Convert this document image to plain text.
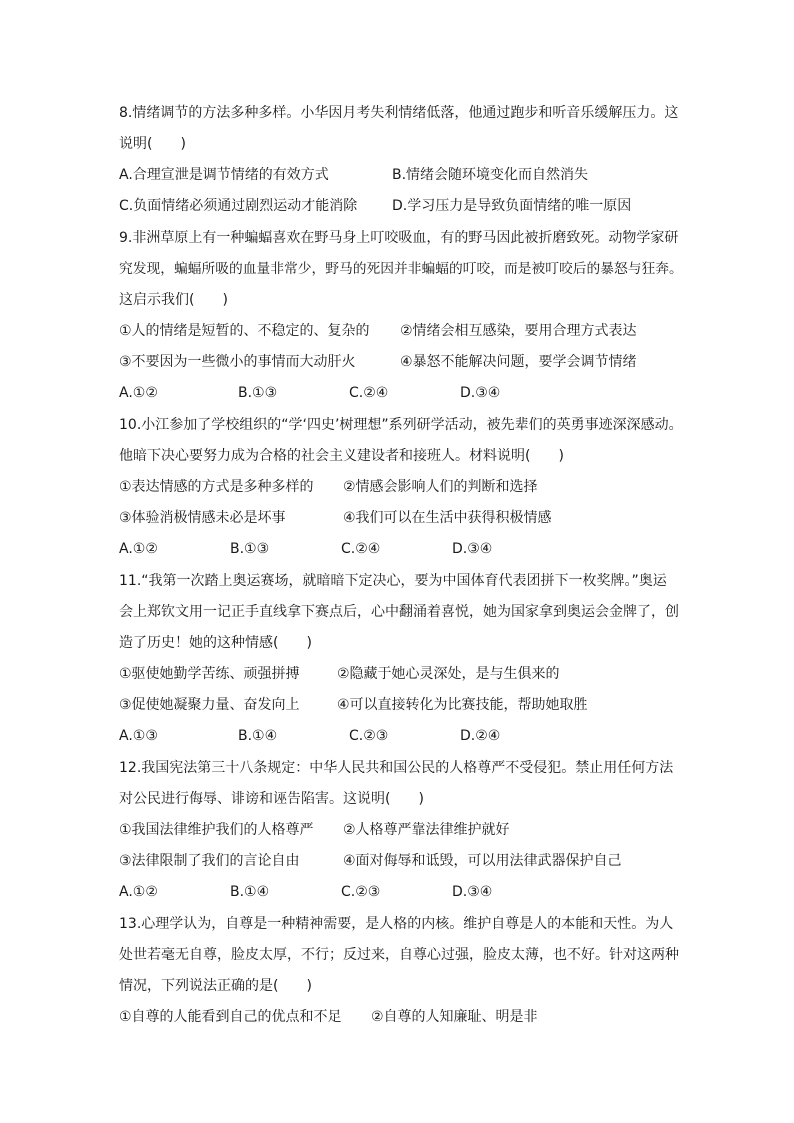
8.情绪调节的方法多种多样。小华因月考失利情绪低落，他通过跑步和听音乐缓解压力。这
说明(　　)
A.合理宣泄是调节情绪的有效方式	B.情绪会随环境变化而自然消失
C.负面情绪必须通过剧烈运动才能消除 D.学习压力是导致负面情绪的唯一原因
9.非洲草原上有一种蝙蝠喜欢在野马身上叮咬吸血，有的野马因此被折磨致死。动物学家研
究发现，蝙蝠所吸的血量非常少，野马的死因并非蝙蝠的叮咬，而是被叮咬后的暴怒与狂奔。
这启示我们(　　)
①人的情绪是短暂的、不稳定的、复杂的 ②情绪会相互感染，要用合理方式表达
③不要因为一些微小的事情而大动肝火	④暴怒不能解决问题，要学会调节情绪
A.①②	B.①③	C.②④	D.③④
10.小江参加了学校组织的“学‘四史’树理想”系列研学活动，被先辈们的英勇事迹深深感动。
他暗下决心要努力成为合格的社会主义建设者和接班人。材料说明(　　)
①表达情感的方式是多种多样的 ②情感会影响人们的判断和选择
③体验消极情感未必是坏事	④我们可以在生活中获得积极情感
A.①②	B.①③	C.②④	D.③④
11.“我第一次踏上奥运赛场，就暗暗下定决心，要为中国体育代表团拼下一枚奖牌。”奥运
会上郑钦文用一记正手直线拿下赛点后，心中翻涌着喜悦，她为国家拿到奥运会金牌了，创
造了历史！她的这种情感(　　)
①驱使她勤学苦练、顽强拼搏	②隐藏于她心灵深处，是与生俱来的
③促使她凝聚力量、奋发向上	④可以直接转化为比赛技能，帮助她取胜
A.①③	B.①④	C.②③	D.②④
12.我国宪法第三十八条规定：中华人民共和国公民的人格尊严不受侵犯。禁止用任何方法
对公民进行侮辱、诽谤和诬告陷害。这说明(　　)
①我国法律维护我们的人格尊严 ②人格尊严靠法律维护就好
③法律限制了我们的言论自由	④面对侮辱和诋毁，可以用法律武器保护自己
A.①②	B.①④	C.②③	D.③④
13.心理学认为，自尊是一种精神需要，是人格的内核。维护自尊是人的本能和天性。为人
处世若毫无自尊，脸皮太厚，不行；反过来，自尊心过强，脸皮太薄，也不好。针对这两种
情况，下列说法正确的是(　　)
①自尊的人能看到自己的优点和不足 ②自尊的人知廉耻、明是非
